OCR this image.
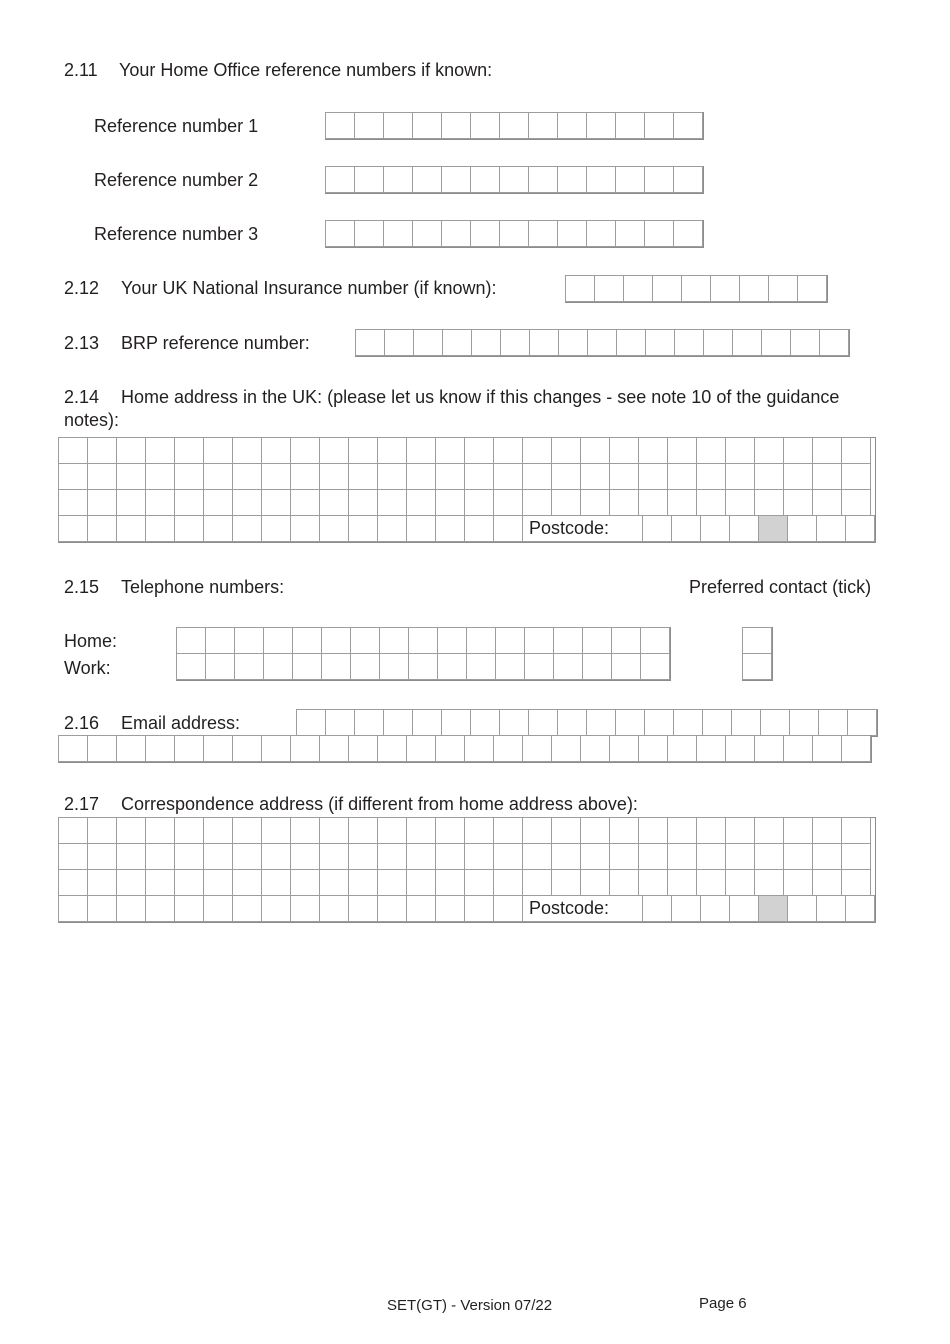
2.11 Your Home Office reference numbers if known:
Reference number 1
Reference number 2
Reference number 3
2.12 Your UK National Insurance number (if known):
2.13 BRP reference number:
2.14 Home address in the UK: (please let us know if this changes - see note 10 of the guidance
notes):
Postcode:
2.15 Telephone numbers:	Preferred contact (tick)
Home:
Work:
2.16 Email address:
2.17 Correspondence address (if different from home address above):
Postcode:
SET(GT) - Version 07/22	Page 6
